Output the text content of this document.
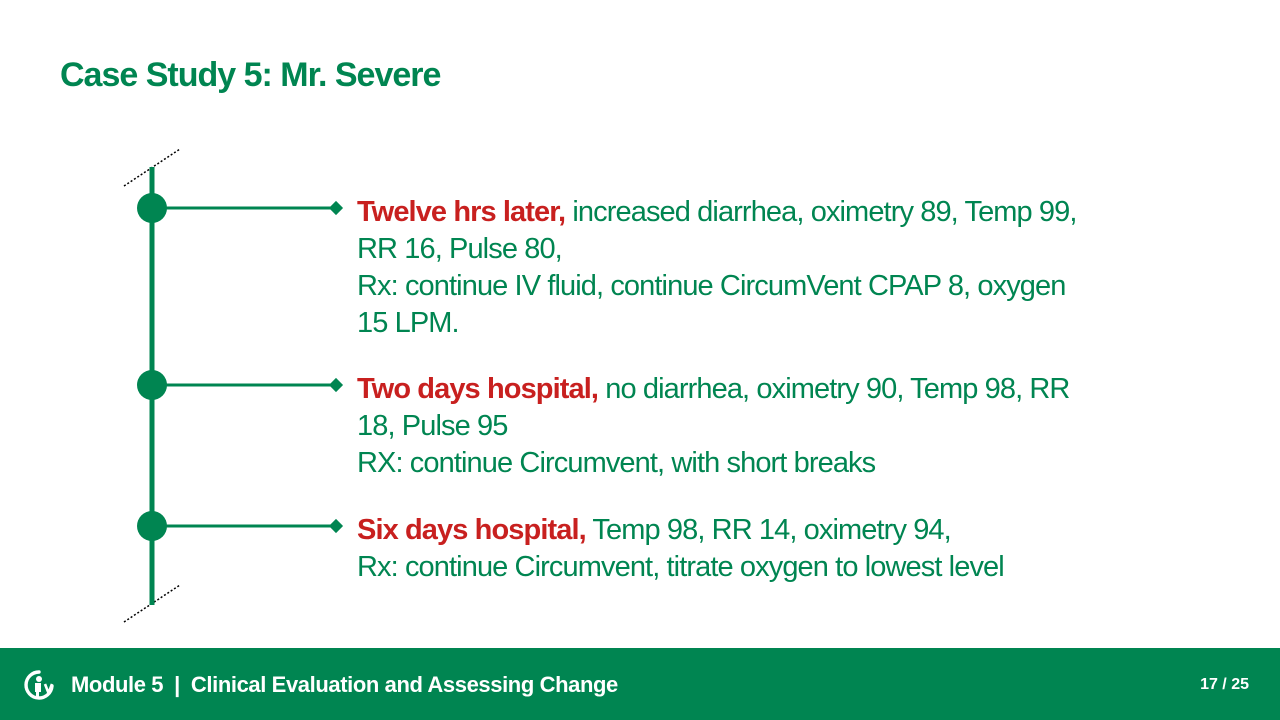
Case Study 5: Mr. Severe
Twelve hrs later, increased diarrhea, oximetry 89, Temp 99,
RR 16, Pulse 80,
Rx: continue IV fluid, continue CircumVent CPAP 8, oxygen
15 LPM.
Two days hospital, no diarrhea, oximetry 90, Temp 98, RR
18, Pulse 95
RX: continue Circumvent, with short breaks
Six days hospital, Temp 98, RR 14, oximetry 94,
Rx: continue Circumvent, titrate oxygen to lowest level
Module 5 | Clinical Evaluation and Assessing Change	17 / 25
